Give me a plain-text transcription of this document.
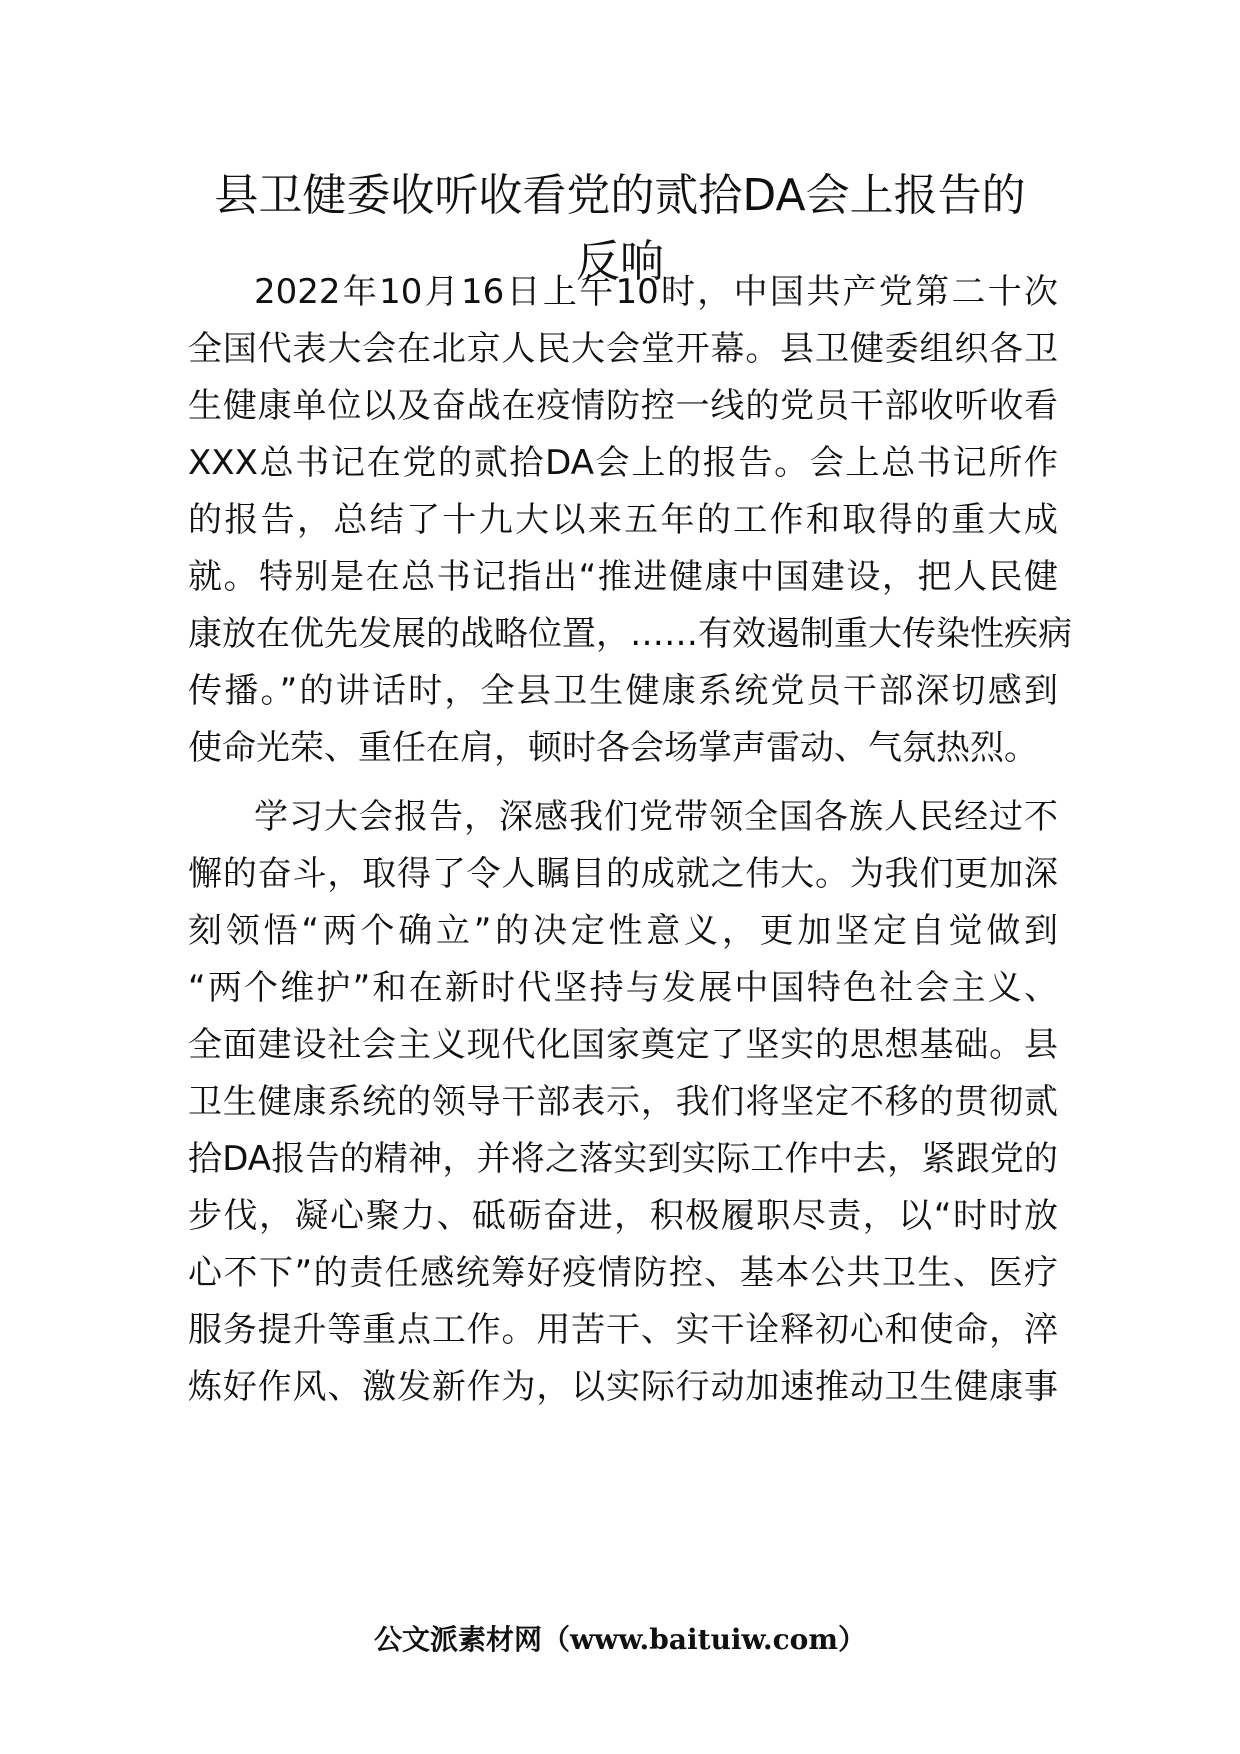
县卫健委收听收看党的贰拾DA会上报告的
反响
2022年10月16日上午10时，中国共产党第二十次
全国代表大会在北京人民大会堂开幕。县卫健委组织各卫
生健康单位以及奋战在疫情防控一线的党员干部收听收看
XXX总书记在党的贰拾DA会上的报告。会上总书记所作
的报告，总结了十九大以来五年的工作和取得的重大成
就。特别是在总书记指出“推进健康中国建设，把人民健
康放在优先发展的战略位置，……有效遏制重大传染性疾病
传播。”的讲话时，全县卫生健康系统党员干部深切感到
使命光荣、重任在肩，顿时各会场掌声雷动、气氛热烈。
学习大会报告，深感我们党带领全国各族人民经过不
懈的奋斗，取得了令人瞩目的成就之伟大。为我们更加深
刻领悟“两个确立”的决定性意义，更加坚定自觉做到
“两个维护”和在新时代坚持与发展中国特色社会主义、
全面建设社会主义现代化国家奠定了坚实的思想基础。县
卫生健康系统的领导干部表示，我们将坚定不移的贯彻贰
拾DA报告的精神，并将之落实到实际工作中去，紧跟党的
步伐，凝心聚力、砥砺奋进，积极履职尽责，以“时时放
心不下”的责任感统筹好疫情防控、基本公共卫生、医疗
服务提升等重点工作。用苦干、实干诠释初心和使命，淬
炼好作风、激发新作为，以实际行动加速推动卫生健康事
公文派素材网（www.baituiw.com）
